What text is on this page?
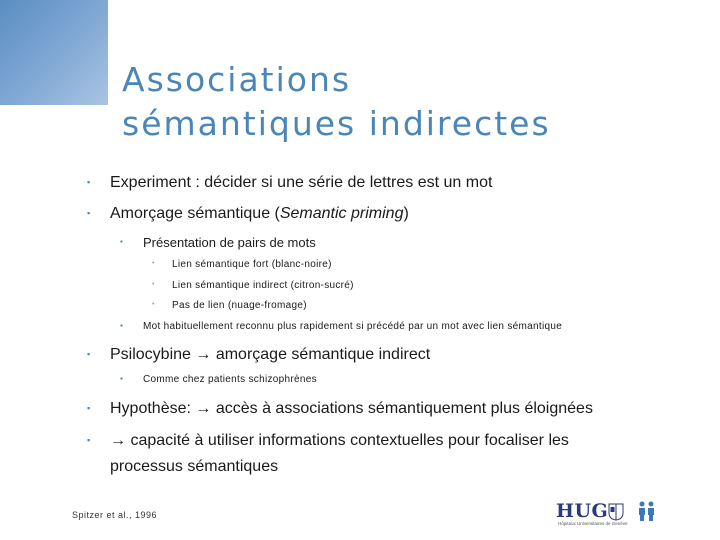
Associations
sémantiques indirectes
▪ Experiment : décider si une série de lettres est un mot
▪ Amorçage sémantique (Semantic priming)
▪ Présentation de pairs de mots
• Lien sémantique fort (blanc-noire)
• Lien sémantique indirect (citron-sucré)
• Pas de lien (nuage-fromage)
▪ Mot habituellement reconnu plus rapidement si précédé par un mot avec lien sémantique
▪ Psilocybine → amorçage sémantique indirect
▪ Comme chez patients schizophrènes
▪ Hypothèse: → accès à associations sémantiquement plus éloignées
▪ → capacité à utiliser informations contextuelles pour focaliser les
processus sémantiques
Spitzer et al., 1996	HUG
Hôpitaux Universitaires de Genève
